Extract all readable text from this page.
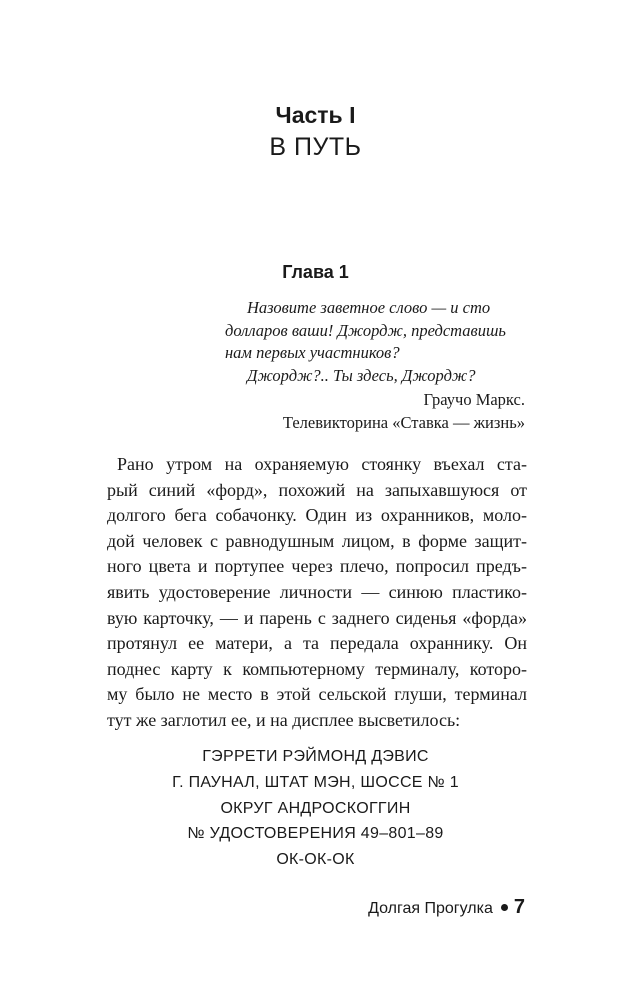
Часть I
В ПУТЬ
Глава 1
Назовите заветное слово — и сто
долларов ваши! Джордж, представишь
нам первых участников?
Джордж?.. Ты здесь, Джордж?
Граучо Маркс.
Телевикторина «Ставка — жизнь»
Рано утром на охраняемую стоянку въехал ста-
рый синий «форд», похожий на запыхавшуюся от
долгого бега собачонку. Один из охранников, моло-
дой человек с равнодушным лицом, в форме защит-
ного цвета и портупее через плечо, попросил предъ-
явить удостоверение личности — синюю пластико-
вую карточку, — и парень с заднего сиденья «форда»
протянул ее матери, а та передала охраннику. Он
поднес карту к компьютерному терминалу, которо-
му было не место в этой сельской глуши, терминал
тут же заглотил ее, и на дисплее высветилось:
ГЭРРЕТИ РЭЙМОНД ДЭВИС
Г. ПАУНАЛ, ШТАТ МЭН, ШОССЕ № 1
ОКРУГ АНДРОСКОГГИН
№ УДОСТОВЕРЕНИЯ 49–801–89
ОК-ОК-ОК
Долгая Прогулка 7
